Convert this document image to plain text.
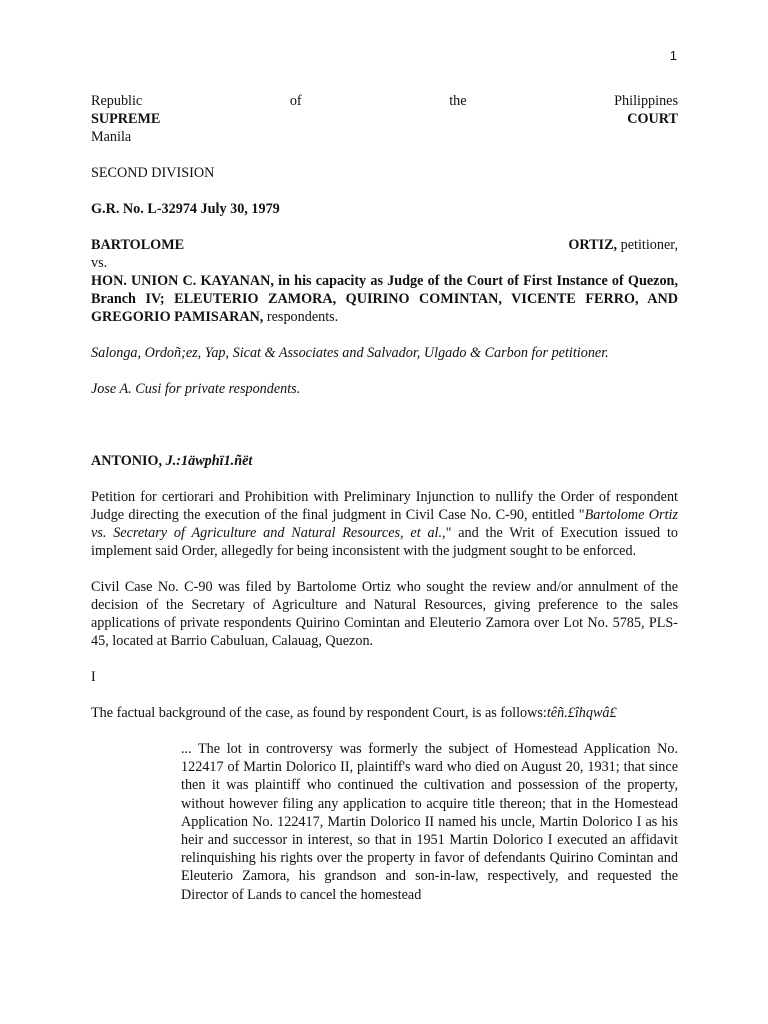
1
Republic	of	the	Philippines
SUPREME	COURT
Manila
SECOND DIVISION
G.R. No. L-32974 July 30, 1979
BARTOLOME	ORTIZ, petitioner,
vs.

HON. UNION C. KAYANAN, in his capacity as Judge of the Court of First Instance of Quezon, Branch IV; ELEUTERIO ZAMORA, QUIRINO COMINTAN, VICENTE FERRO, AND GREGORIO PAMISARAN, respondents.

Salonga, Ordoñ;ez, Yap, Sicat & Associates and Salvador, Ulgado & Carbon for petitioner.

Jose A. Cusi for private respondents.

ANTONIO, J.:1äwphï1.ñët

Petition for certiorari and Prohibition with Preliminary Injunction to nullify the Order of respondent Judge directing the execution of the final judgment in Civil Case No. C-90, entitled "Bartolome Ortiz vs. Secretary of Agriculture and Natural Resources, et al.," and the Writ of Execution issued to implement said Order, allegedly for being inconsistent with the judgment sought to be enforced.

Civil Case No. C-90 was filed by Bartolome Ortiz who sought the review and/or annulment of the decision of the Secretary of Agriculture and Natural Resources, giving preference to the sales applications of private respondents Quirino Comintan and Eleuterio Zamora over Lot No. 5785, PLS-45, located at Barrio Cabuluan, Calauag, Quezon.

I

The factual background of the case, as found by respondent Court, is as follows:têñ.£îhqwâ£

... The lot in controversy was formerly the subject of Homestead Application No. 122417 of Martin Dolorico II, plaintiff's ward who died on August 20, 1931; that since then it was plaintiff who continued the cultivation and possession of the property, without however filing any application to acquire title thereon; that in the Homestead Application No. 122417, Martin Dolorico II named his uncle, Martin Dolorico I as his heir and successor in interest, so that in 1951 Martin Dolorico I executed an affidavit relinquishing his rights over the property in favor of defendants Quirino Comintan and Eleuterio Zamora, his grandson and son-in-law, respectively, and requested the Director of Lands to cancel the homestead
